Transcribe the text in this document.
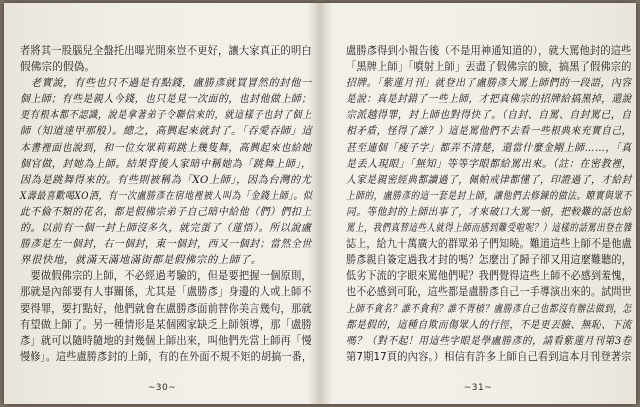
者將其一股腦兒全盤托出曝光開來豈不更好，讓大家真正的明白
假佛宗的假偽。
　老實說，有些也只不過是有點錢，盧勝彥就買冒然的封他一
個上師；有些是親人今錢，也只是見一次面的，也封他做上師；
更有根本都不認識，說是拿著弟子令聯信來的，就這樣子也封了個上
師（知道達甲那般）。總之，高興起來就封了。「吞愛吞師」這
本書裡面也說到，和一位女眾莉莉跳上幾隻舞，高興起來也給她
個官做，封她為上師。結果背後人家暗中稱她為「跳舞上師」，
因為是跳舞得來的。有些則被稱為「XO上師」，因為台灣的尤
X壽最喜歡喝XO酒，有一次盧勝彥在宿地裡被人叫為「金錢上師」。似
此不倫不類的花名，都是假佛宗弟子自己暗中給他（們）們扣上
的。以前有一個一封上師沒多久，就完蛋了（蓮悟）。所以說盧
勝彥是左一個封，右一個封，東一個封，西又一個封；當然全世
界很快地，就滿天滿地滿街都是假佛宗的上師了。
　要做假佛宗的上師，不必經過考驗的，但是要把握一個原則，
那就是內部要有人事關係，尤其是「盧勝彥」身邊的人或上師不
要得罪，要打點好，他們就會在盧勝彥面前替你美言幾句，那就
有望做上師了。另一種情形是某個國家缺乏上師領導，那「盧勝
彥」就可以隨時隨地的封幾個上師出來，叫他們先當上師再「慢
慢修」。這些盧勝彥封的上師，有的在外面不規不矩的胡搞一番，
~30~
盧勝彥得到小報告後（不是用神通知道的），就大罵他封的這些
「黑牌上師」「噴射上師」丟盡了假佛宗的臉，搞黑了假佛宗的
招牌。「紫蓮月刊」就登出了盧勝彥大罵上師們的一段語，內容
是說：真是封錯了一些上師，才把真佛宗的招牌給搞黑掉，還說
宗派越得罪，封上師也對得快了。（自封、自罵、自封罵已，自
相矛盾，怪得了誰？）這是罵他們不去看一些根典來充實自己，
甚至連個「瘦子字」都弄不清楚，還當什麼金剛上師……，「真
是丢人現眼」「無知」等等字眼都給罵出來。（註：在密教裡，
人家是親密經典都讀過了，佩帕戒律都懂了，印證過了，才給封
上師的，盧勝彥的這一套是封上師，讓他們去修鍊的做法。瞭實與眾不
同。等他封的上師出事了，才來破口大罵一頓，把較難的話也給
罵上，我們真替這些人就得上師而感到難受啦呢？）這樣的話罵出登在雜
誌上，給九十萬廣大的群眾弟子們知曉。難道這些上師不是他盧
勝彥親自簽定過我才封的嗎？怎麼出了歸子卻又用這麼難聽的，
低劣下流的字眼來罵他們呢？我們覺得這些上師不必感到羞愧，
也不必感到可恥，這些都是盧勝彥自己一手導演出來的。試問世
上師不貪名？誰不貪利？誰不胥槓？盧勝彥自己也都沒有辦法做到，怎
都是假的，這種自欺而傷眾人的行徑，不是更丟臉、無恥、下流
嗎？（對不起！用這些字眼是學盧勝彥的，請看紫蓮月刊第3卷
第7期17頁的內容。）相信有許多上師自己看到這本月刊登著宗
~31~
